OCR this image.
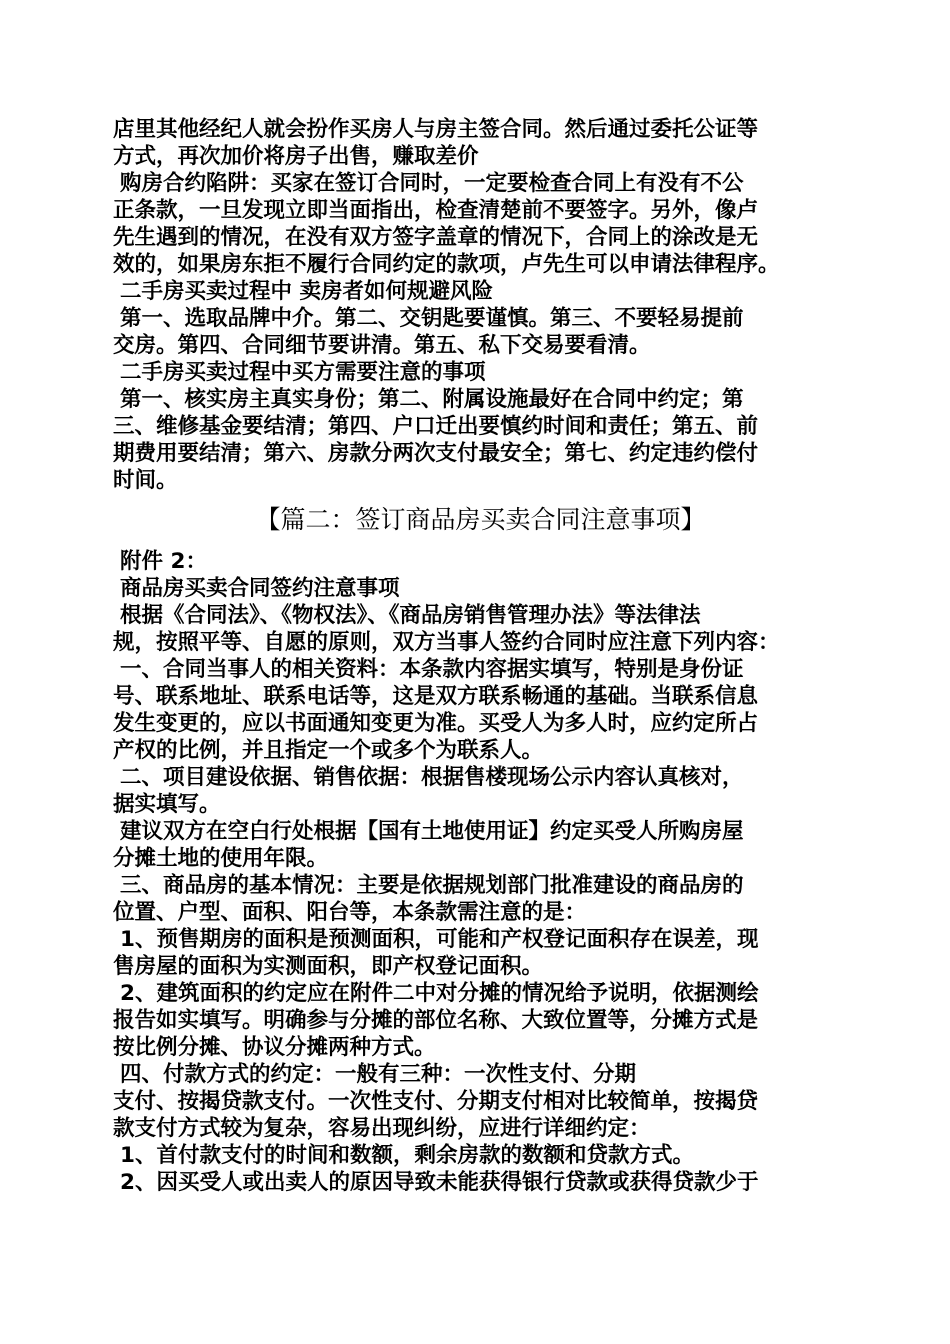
店里其他经纪人就会扮作买房人与房主签合同。然后通过委托公证等
方式，再次加价将房子出售，赚取差价
购房合约陷阱：买家在签订合同时，一定要检查合同上有没有不公
正条款，一旦发现立即当面指出，检查清楚前不要签字。另外，像卢
先生遇到的情况，在没有双方签字盖章的情况下，合同上的涂改是无
效的，如果房东拒不履行合同约定的款项，卢先生可以申请法律程序。
二手房买卖过程中 卖房者如何规避风险
第一、选取品牌中介。第二、交钥匙要谨慎。第三、不要轻易提前
交房。第四、合同细节要讲清。第五、私下交易要看清。
二手房买卖过程中买方需要注意的事项
第一、核实房主真实身份；第二、附属设施最好在合同中约定；第
三、维修基金要结清；第四、户口迁出要慎约时间和责任；第五、前
期费用要结清；第六、房款分两次支付最安全；第七、约定违约偿付
时间。
【篇二：签订商品房买卖合同注意事项】
附件 2：
商品房买卖合同签约注意事项
根据《合同法》、《物权法》、《商品房销售管理办法》等法律法
规，按照平等、自愿的原则，双方当事人签约合同时应注意下列内容：
一、合同当事人的相关资料：本条款内容据实填写，特别是身份证
号、联系地址、联系电话等，这是双方联系畅通的基础。当联系信息
发生变更的，应以书面通知变更为准。买受人为多人时，应约定所占
产权的比例，并且指定一个或多个为联系人。
二、项目建设依据、销售依据：根据售楼现场公示内容认真核对，
据实填写。
建议双方在空白行处根据【国有土地使用证】约定买受人所购房屋
分摊土地的使用年限。
三、商品房的基本情况：主要是依据规划部门批准建设的商品房的
位置、户型、面积、阳台等，本条款需注意的是：
1、预售期房的面积是预测面积，可能和产权登记面积存在误差，现
售房屋的面积为实测面积，即产权登记面积。
2、建筑面积的约定应在附件二中对分摊的情况给予说明，依据测绘
报告如实填写。明确参与分摊的部位名称、大致位置等，分摊方式是
按比例分摊、协议分摊两种方式。
四、付款方式的约定：一般有三种：一次性支付、分期
支付、按揭贷款支付。一次性支付、分期支付相对比较简单，按揭贷
款支付方式较为复杂，容易出现纠纷，应进行详细约定：
1、首付款支付的时间和数额，剩余房款的数额和贷款方式。
2、因买受人或出卖人的原因导致未能获得银行贷款或获得贷款少于
